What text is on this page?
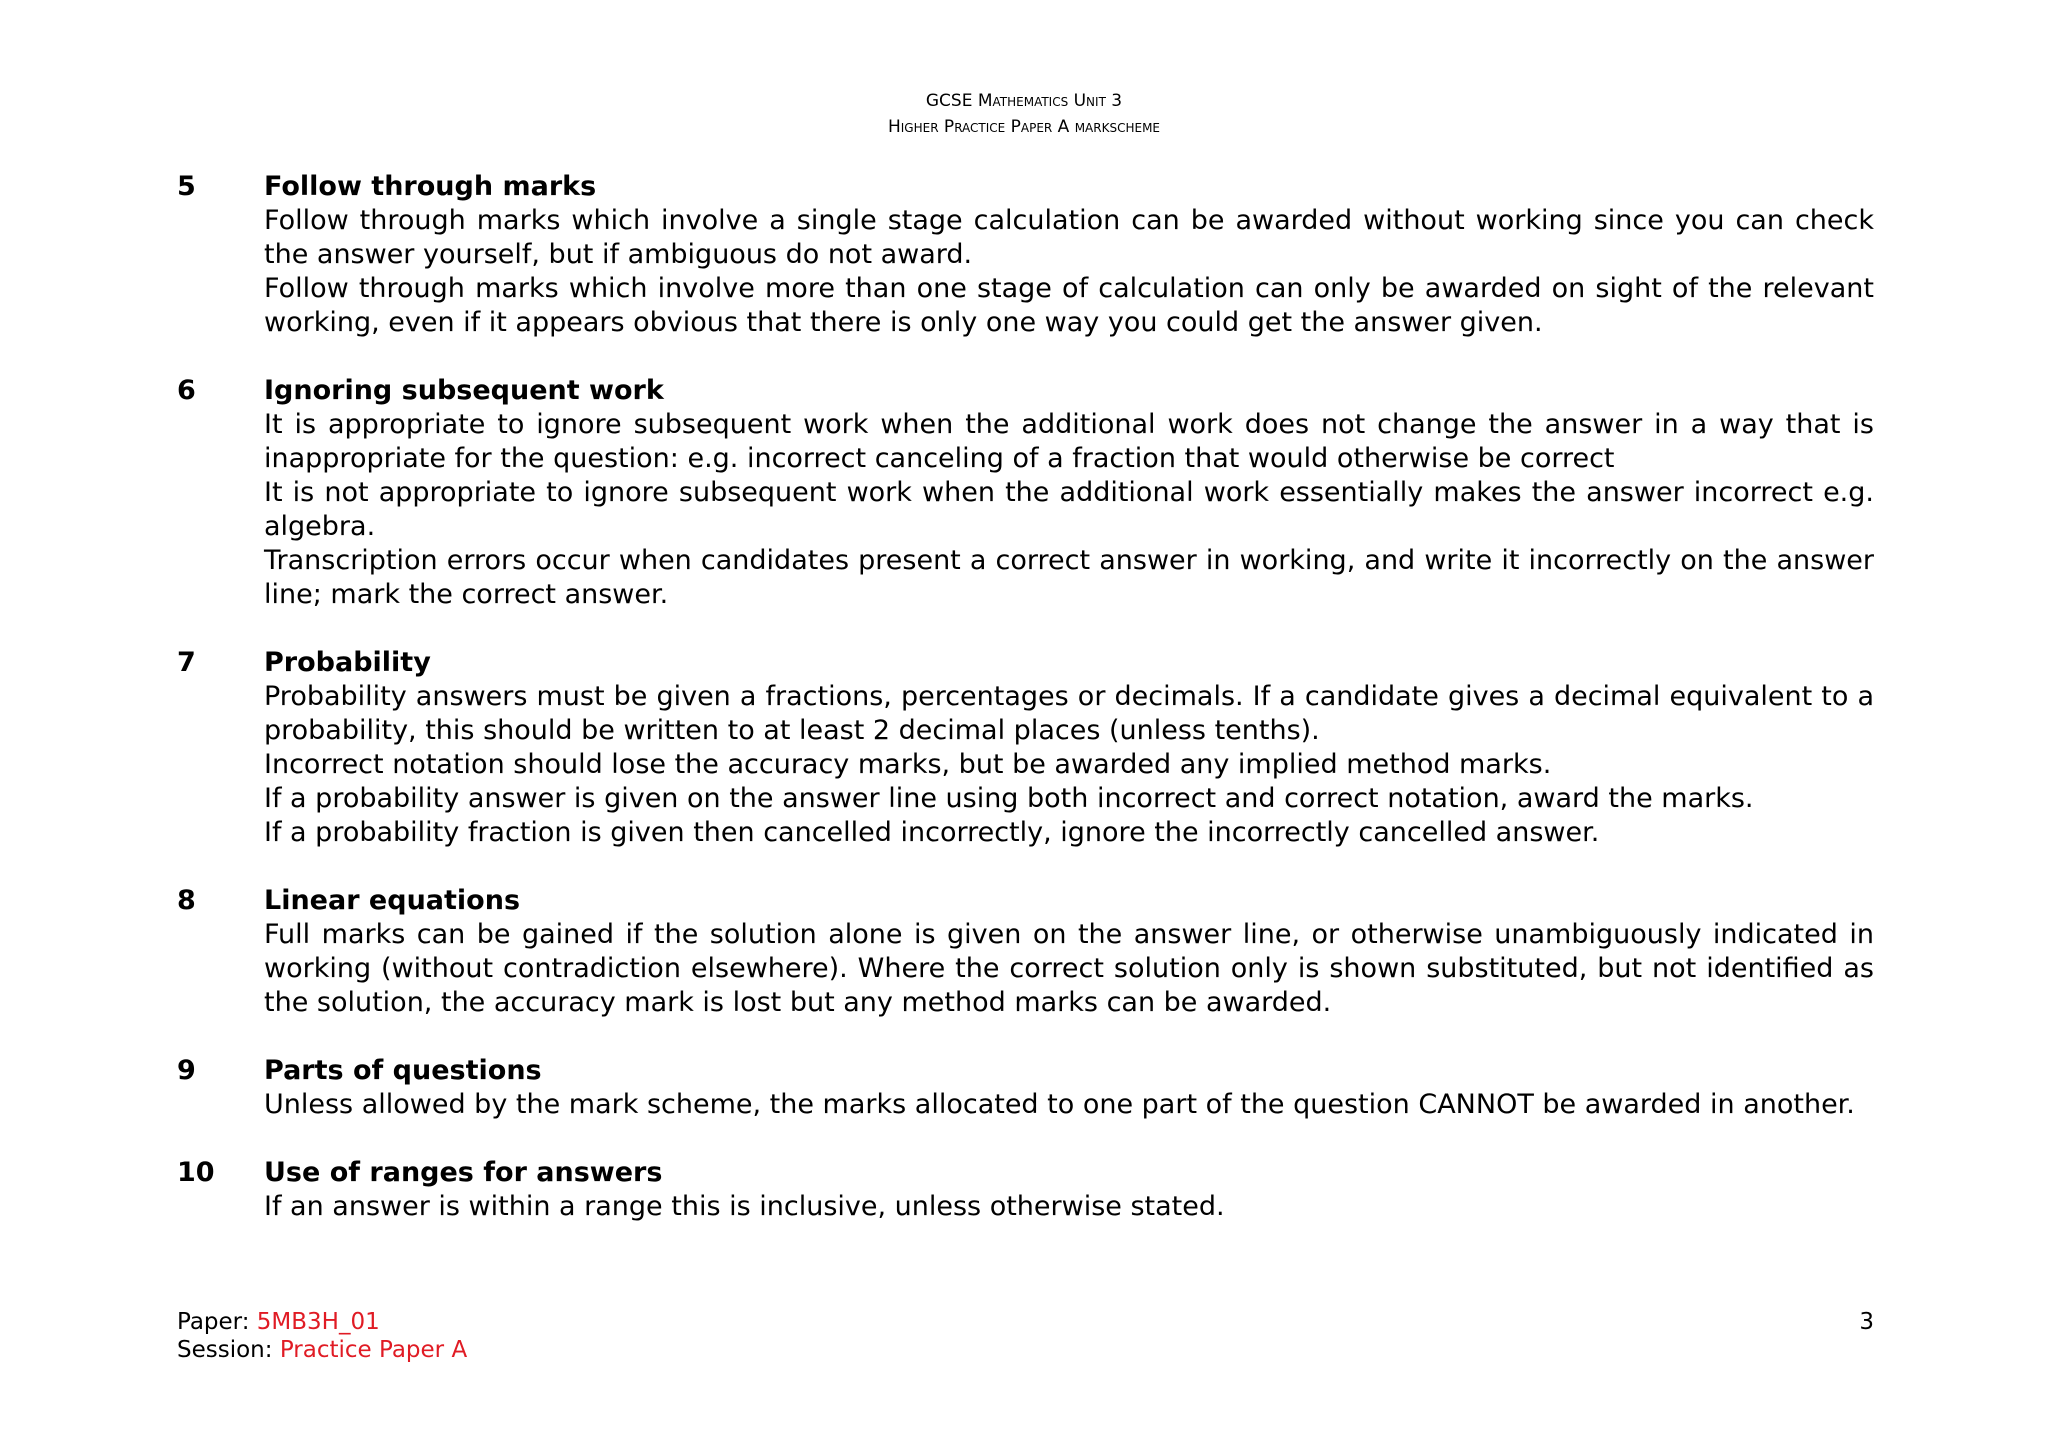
GCSE Mathematics Unit 3
Higher Practice Paper A markscheme
5	Follow through marks

Follow through marks which involve a single stage calculation can be awarded without working since you can check the answer yourself, but if ambiguous do not award.

Follow through marks which involve more than one stage of calculation can only be awarded on sight of the relevant working, even if it appears obvious that there is only one way you could get the answer given.

6	Ignoring subsequent work

It is appropriate to ignore subsequent work when the additional work does not change the answer in a way that is inappropriate for the question: e.g. incorrect canceling of a fraction that would otherwise be correct

It is not appropriate to ignore subsequent work when the additional work essentially makes the answer incorrect e.g. algebra.

Transcription errors occur when candidates present a correct answer in working, and write it incorrectly on the answer line; mark the correct answer.

7	Probability

Probability answers must be given a fractions, percentages or decimals. If a candidate gives a decimal equivalent to a probability, this should be written to at least 2 decimal places (unless tenths).

Incorrect notation should lose the accuracy marks, but be awarded any implied method marks.

If a probability answer is given on the answer line using both incorrect and correct notation, award the marks.

If a probability fraction is given then cancelled incorrectly, ignore the incorrectly cancelled answer.

8	Linear equations

Full marks can be gained if the solution alone is given on the answer line, or otherwise unambiguously indicated in working (without contradiction elsewhere). Where the correct solution only is shown substituted, but not identified as the solution, the accuracy mark is lost but any method marks can be awarded.

9	Parts of questions

Unless allowed by the mark scheme, the marks allocated to one part of the question CANNOT be awarded in another.

10 Use of ranges for answers

If an answer is within a range this is inclusive, unless otherwise stated.

Paper: 5MB3H_01
Session: Practice Paper A
3
